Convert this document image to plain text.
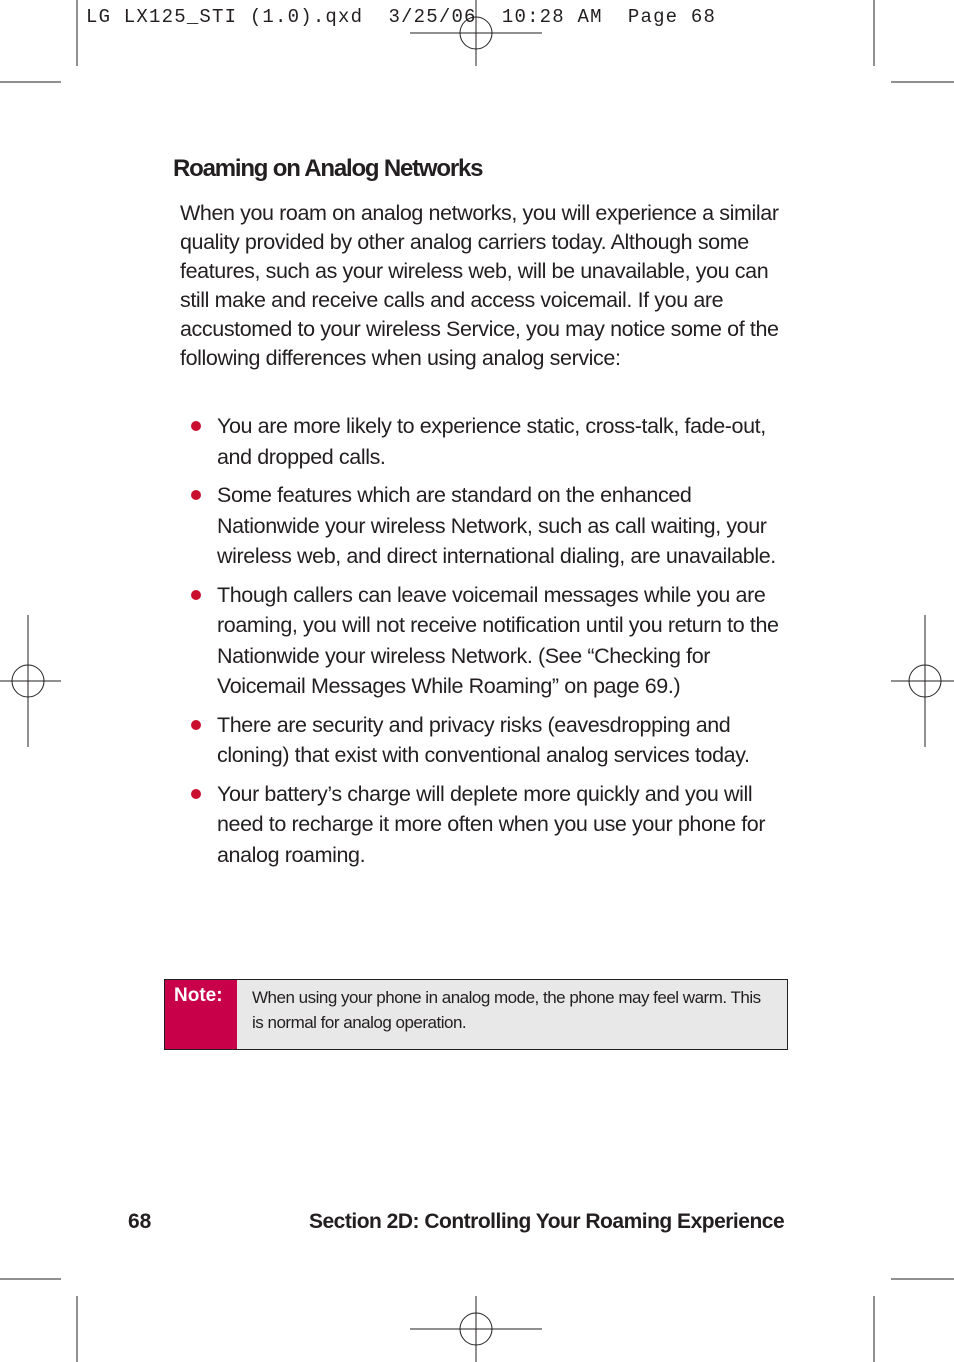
LG LX125_STI (1.0).qxd  3/25/06  10:28 AM  Page 68
Roaming on Analog Networks

When you roam on analog networks, you will experience a similar quality provided by other analog carriers today. Although some features, such as your wireless web, will be unavailable, you can still make and receive calls and access voicemail. If you are accustomed to your wireless Service, you may notice some of the following differences when using analog service:

You are more likely to experience static, cross-talk, fade-out, and dropped calls.
Some features which are standard on the enhanced Nationwide your wireless Network, such as call waiting, your wireless web, and direct international dialing, are unavailable.
Though callers can leave voicemail messages while you are roaming, you will not receive notification until you return to the Nationwide your wireless Network. (See “Checking for Voicemail Messages While Roaming” on page 69.)
There are security and privacy risks (eavesdropping and cloning) that exist with conventional analog services today.
Your battery’s charge will deplete more quickly and you will need to recharge it more often when you use your phone for analog roaming.
Note:	When using your phone in analog mode, the phone may feel warm. This is normal for analog operation.
68	Section 2D: Controlling Your Roaming Experience
